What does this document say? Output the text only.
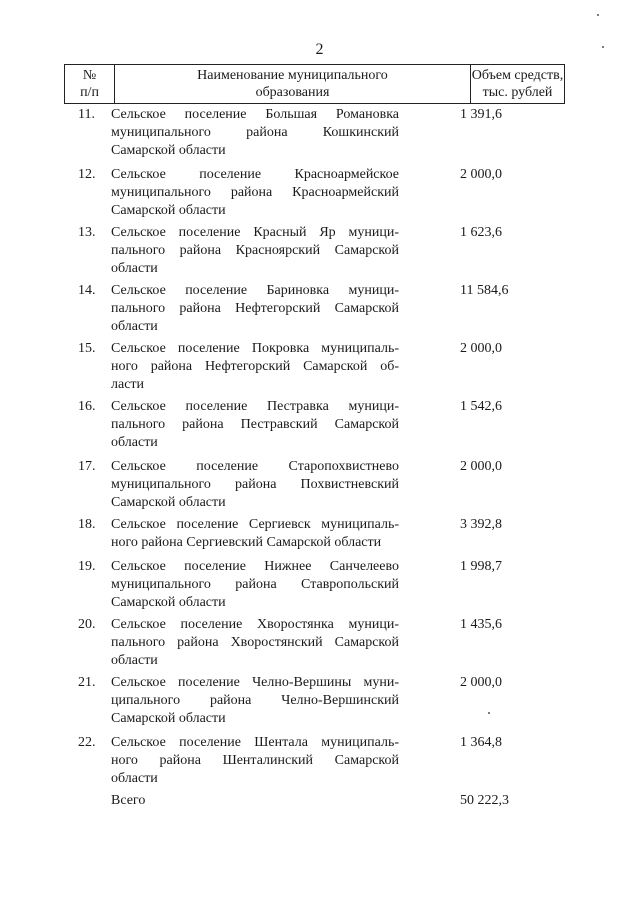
2
№
п/п
Наименование муниципального
образования
Объем средств,
тыс. рублей
11. Сельское поселение Большая Романовка
муниципального района Кошкинский
Самарской области
1 391,6
12. Сельское поселение Красноармейское
муниципального района Красноармейский
Самарской области
2 000,0
13. Сельское поселение Красный Яр муници-
пального района Красноярский Самарской
области
1 623,6
14. Сельское поселение Бариновка муници-
пального района Нефтегорский Самарской
области
11 584,6
15. Сельское поселение Покровка муниципаль-
ного района Нефтегорский Самарской об-
ласти
2 000,0
16. Сельское поселение Пестравка муници-
пального района Пестравский Самарской
области
1 542,6
17. Сельское поселение Старопохвистнево
муниципального района Похвистневский
Самарской области
2 000,0
18. Сельское поселение Сергиевск муниципаль-
ного района Сергиевский Самарской области
3 392,8
19. Сельское поселение Нижнее Санчелеево
муниципального района Ставропольский
Самарской области
1 998,7
20. Сельское поселение Хворостянка муници-
пального района Хворостянский Самарской
области
1 435,6
21. Сельское поселение Челно-Вершины муни-
ципального района Челно-Вершинский
Самарской области
2 000,0
22. Сельское поселение Шентала муниципаль-
ного района Шенталинский Самарской
области
1 364,8
Всего	50 222,3
